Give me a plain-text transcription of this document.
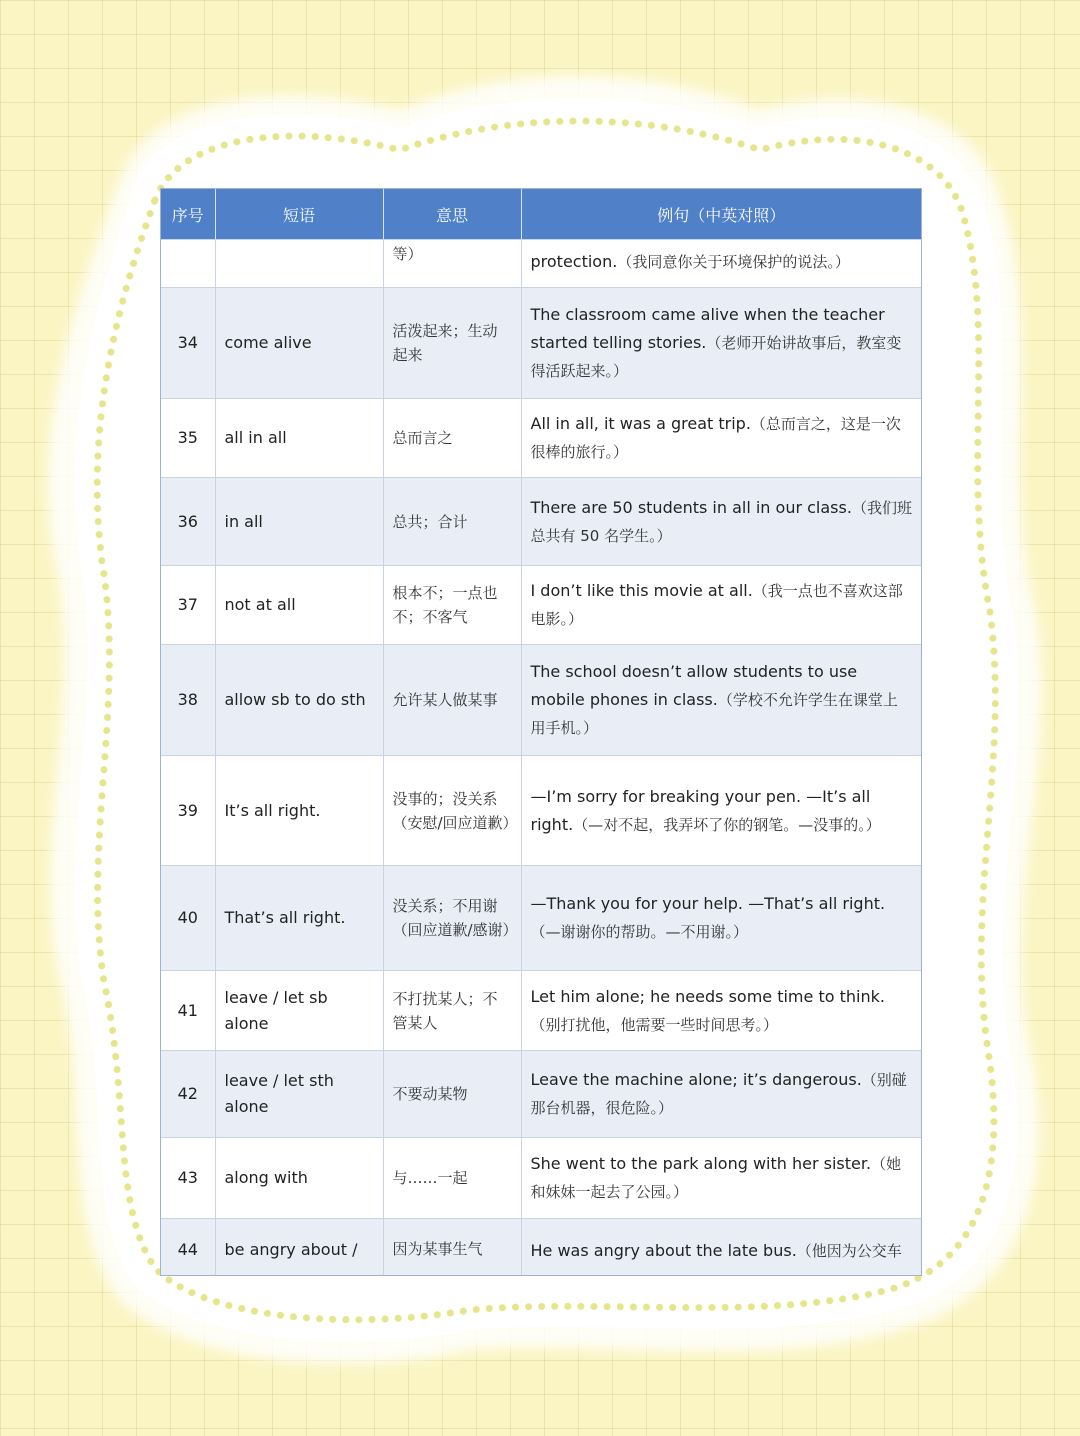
序号	短语	意思	例句（中英对照）
		等）	protection.（我同意你关于环境保护的说法。）
34	come alive	活泼起来；生动起来	The classroom came alive when the teacher started telling stories.（老师开始讲故事后，教室变得活跃起来。）
35	all in all	总而言之	All in all, it was a great trip.（总而言之，这是一次很棒的旅行。）
36	in all	总共；合计	There are 50 students in all in our class.（我们班总共有 50 名学生。）
37	not at all	根本不；一点也不；不客气	I don’t like this movie at all.（我一点也不喜欢这部电影。）
38	allow sb to do sth	允许某人做某事	The school doesn’t allow students to use mobile phones in class.（学校不允许学生在课堂上用手机。）
39	It’s all right.	没事的；没关系（安慰/回应道歉）	—I’m sorry for breaking your pen. —It’s all right.（—对不起，我弄坏了你的钢笔。—没事的。）
40	That’s all right.	没关系；不用谢（回应道歉/感谢）	—Thank you for your help. —That’s all right.（—谢谢你的帮助。—不用谢。）
41	leave / let sb alone	不打扰某人；不管某人	Let him alone; he needs some time to think.（别打扰他，他需要一些时间思考。）
42	leave / let sth alone	不要动某物	Leave the machine alone; it’s dangerous.（别碰那台机器，很危险。）
43	along with	与……一起	She went to the park along with her sister.（她和妹妹一起去了公园。）
44	be angry about /	因为某事生气	He was angry about the late bus.（他因为公交车
